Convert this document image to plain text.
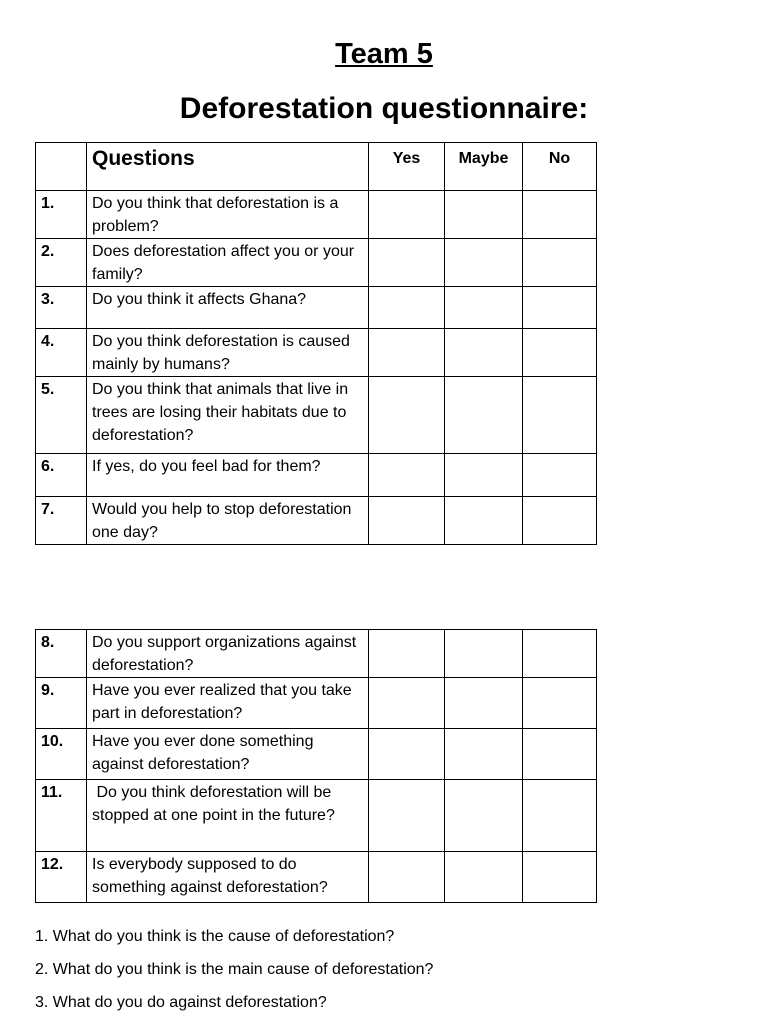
Team 5
Deforestation questionnaire:
	Questions	Yes	Maybe	No
1.	Do you think that deforestation is a problem?			
2.	Does deforestation affect you or your family?			
3.	Do you think it affects Ghana?			
4.	Do you think deforestation is caused mainly by humans?			
5.	Do you think that animals that live in trees are losing their habitats due to deforestation?			
6.	If yes, do you feel bad for them?			
7.	Would you help to stop deforestation one day?			
8.	Do you support organizations against deforestation?			
9.	Have you ever realized that you take part in deforestation?			
10.	Have you ever done something against deforestation?			
11.	Do you think deforestation will be stopped at one point in the future?			
12.	Is everybody supposed to do something against deforestation?			
1. What do you think is the cause of deforestation?
2. What do you think is the main cause of deforestation?
3. What do you do against deforestation?
